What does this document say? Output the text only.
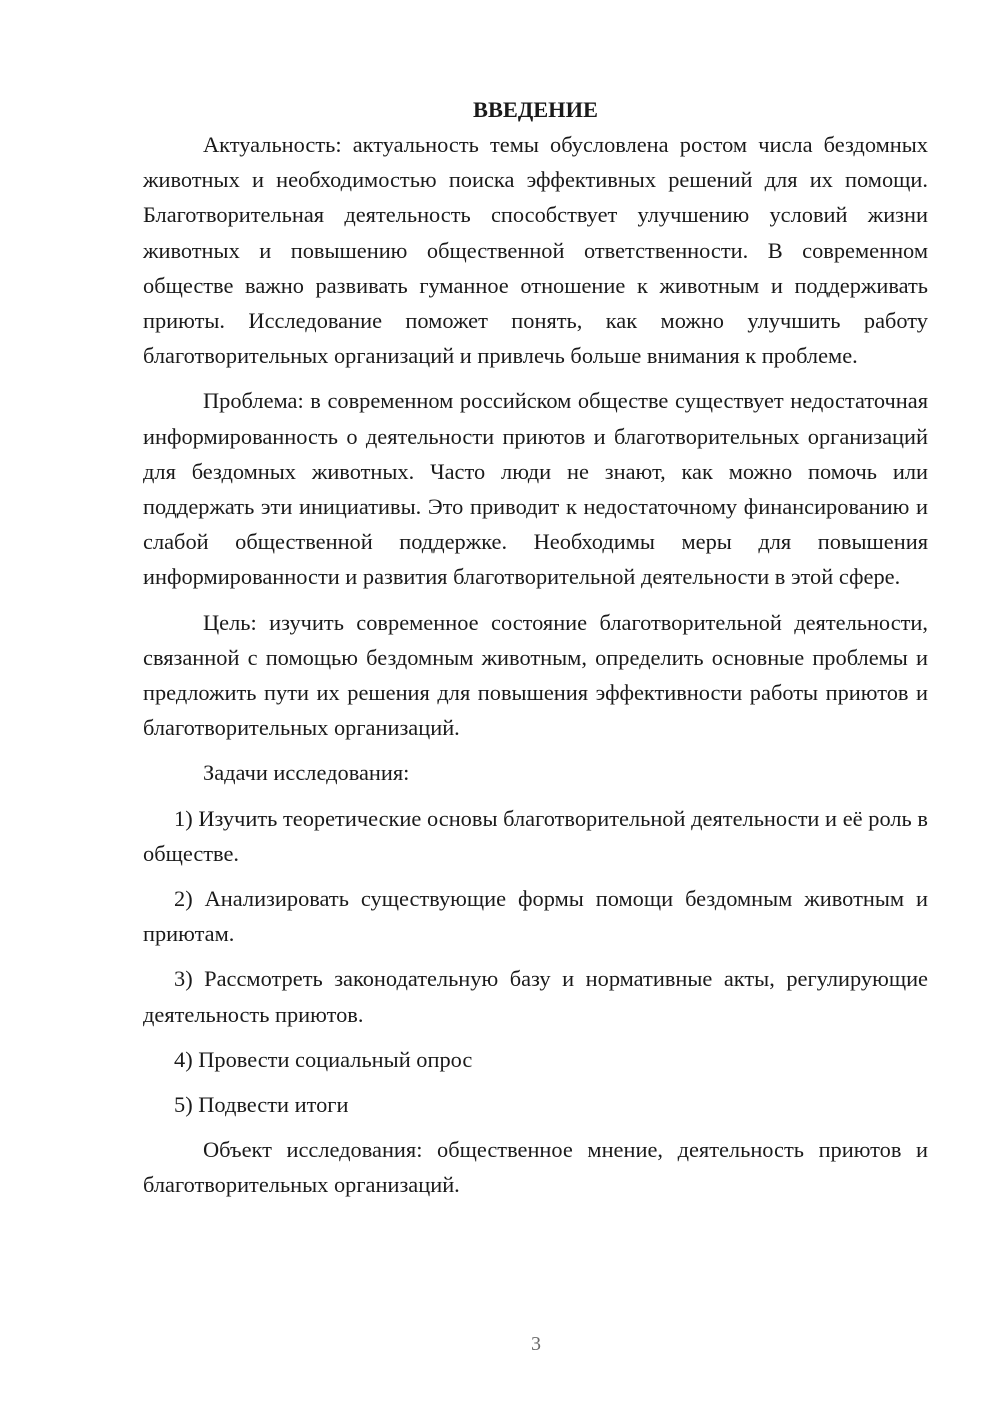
ВВЕДЕНИЕ

Актуальность: актуальность темы обусловлена ростом числа бездомных животных и необходимостью поиска эффективных решений для их помощи. Благотворительная деятельность способствует улучшению условий жизни животных и повышению общественной ответственности. В современном обществе важно развивать гуманное отношение к животным и поддерживать приюты. Исследование поможет понять, как можно улучшить работу благотворительных организаций и привлечь больше внимания к проблеме.

Проблема: в современном российском обществе существует недостаточная информированность о деятельности приютов и благотворительных организаций для бездомных животных. Часто люди не знают, как можно помочь или поддержать эти инициативы. Это приводит к недостаточному финансированию и слабой общественной поддержке. Необходимы меры для повышения информированности и развития благотворительной деятельности в этой сфере.

Цель: изучить современное состояние благотворительной деятельности, связанной с помощью бездомным животным, определить основные проблемы и предложить пути их решения для повышения эффективности работы приютов и благотворительных организаций.

Задачи исследования:

1) Изучить теоретические основы благотворительной деятельности и её роль в обществе.

2) Анализировать существующие формы помощи бездомным животным и приютам.

3) Рассмотреть законодательную базу и нормативные акты, регулирующие деятельность приютов.

4) Провести социальный опрос

5) Подвести итоги

Объект исследования: общественное мнение, деятельность приютов и благотворительных организаций.

3
